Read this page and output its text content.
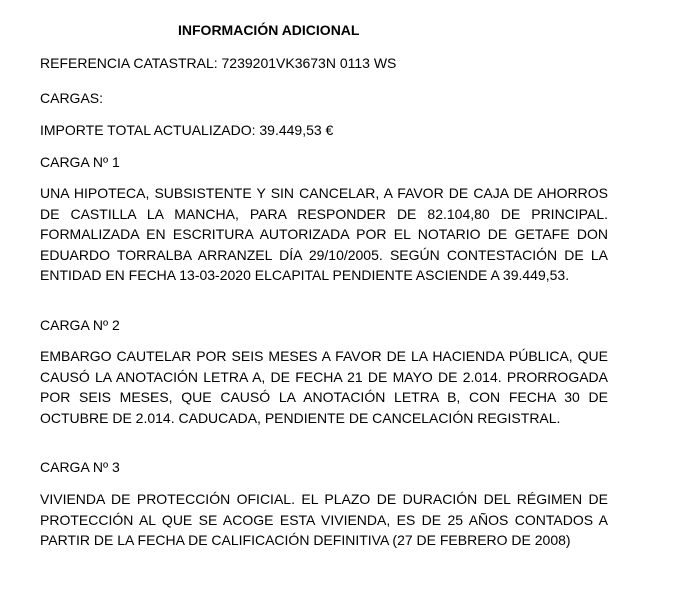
INFORMACIÓN ADICIONAL
REFERENCIA CATASTRAL: 7239201VK3673N 0113 WS
CARGAS:
IMPORTE TOTAL ACTUALIZADO: 39.449,53 €
CARGA Nº 1
UNA HIPOTECA, SUBSISTENTE Y SIN CANCELAR, A FAVOR DE CAJA DE AHORROS DE CASTILLA LA MANCHA, PARA RESPONDER DE 82.104,80 DE PRINCIPAL. FORMALIZADA EN ESCRITURA AUTORIZADA POR EL NOTARIO DE GETAFE DON EDUARDO TORRALBA ARRANZEL DÍA 29/10/2005. SEGÚN CONTESTACIÓN DE LA ENTIDAD EN FECHA 13-03-2020 ELCAPITAL PENDIENTE ASCIENDE A 39.449,53.
CARGA Nº 2
EMBARGO CAUTELAR POR SEIS MESES A FAVOR DE LA HACIENDA PÚBLICA, QUE CAUSÓ LA ANOTACIÓN LETRA A, DE FECHA 21 DE MAYO DE 2.014. PRORROGADA POR SEIS MESES, QUE CAUSÓ LA ANOTACIÓN LETRA B, CON FECHA 30 DE OCTUBRE DE 2.014. CADUCADA, PENDIENTE DE CANCELACIÓN REGISTRAL.
CARGA Nº 3
VIVIENDA DE PROTECCIÓN OFICIAL. EL PLAZO DE DURACIÓN DEL RÉGIMEN DE PROTECCIÓN AL QUE SE ACOGE ESTA VIVIENDA, ES DE 25 AÑOS CONTADOS A PARTIR DE LA FECHA DE CALIFICACIÓN DEFINITIVA (27 DE FEBRERO DE 2008)
